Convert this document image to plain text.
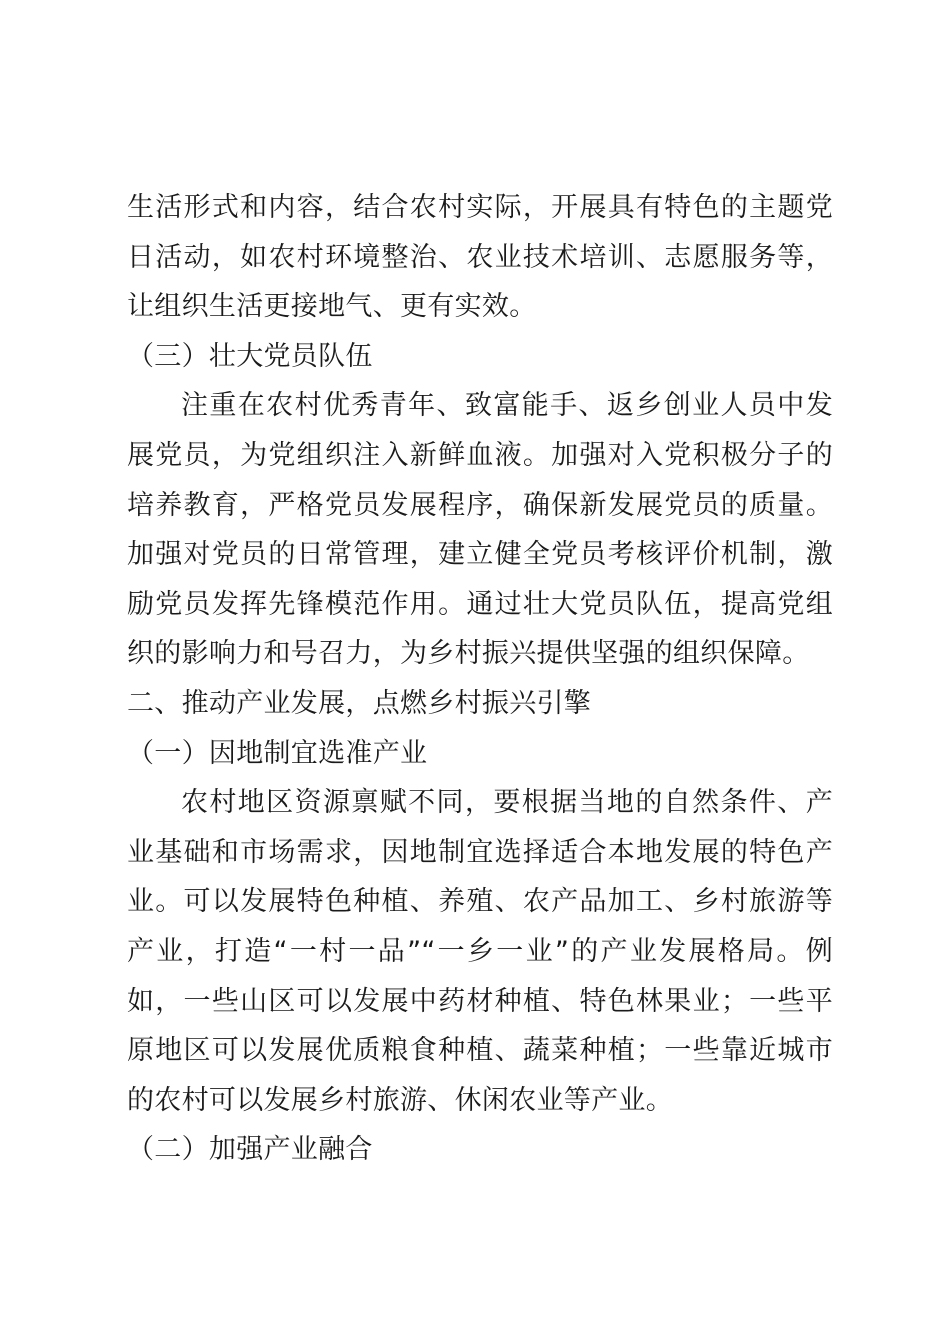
生活形式和内容，结合农村实际，开展具有特色的主题党日活动，如农村环境整治、农业技术培训、志愿服务等，让组织生活更接地气、更有实效。

（三）壮大党员队伍

注重在农村优秀青年、致富能手、返乡创业人员中发展党员，为党组织注入新鲜血液。加强对入党积极分子的培养教育，严格党员发展程序，确保新发展党员的质量。加强对党员的日常管理，建立健全党员考核评价机制，激励党员发挥先锋模范作用。通过壮大党员队伍，提高党组织的影响力和号召力，为乡村振兴提供坚强的组织保障。

二、推动产业发展，点燃乡村振兴引擎

（一）因地制宜选准产业

农村地区资源禀赋不同，要根据当地的自然条件、产业基础和市场需求，因地制宜选择适合本地发展的特色产业。可以发展特色种植、养殖、农产品加工、乡村旅游等产业，打造“一村一品”“一乡一业”的产业发展格局。例如，一些山区可以发展中药材种植、特色林果业；一些平原地区可以发展优质粮食种植、蔬菜种植；一些靠近城市的农村可以发展乡村旅游、休闲农业等产业。

（二）加强产业融合
